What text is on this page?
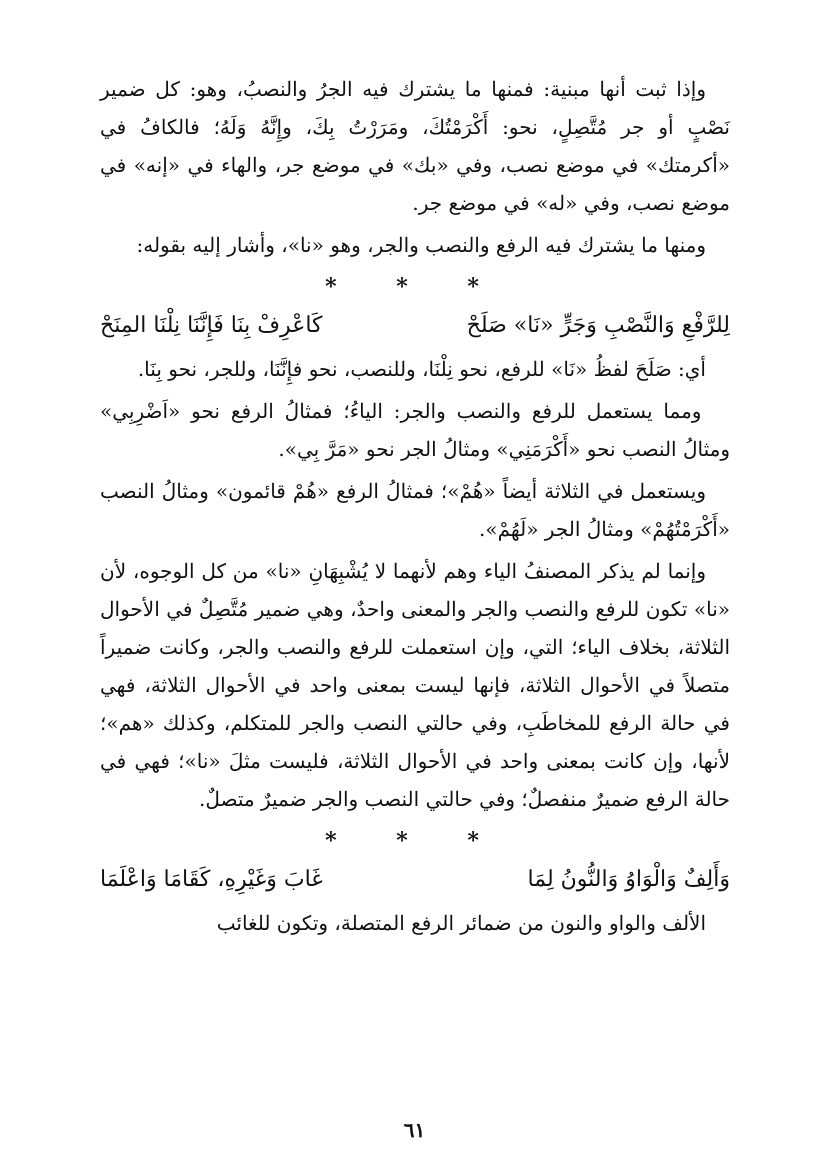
وإذا ثبت أنها مبنية: فمنها ما يشترك فيه الجرُ والنصبُ، وهو: كل ضمير نَصْبٍ أو جر مُتَّصِلٍ، نحو: أَكْرَمْتُكَ، ومَرَرْتُ بِكَ، وإِنَّهُ وَلَهُ؛ فالكافُ في «أكرمتك» في موضع نصب، وفي «بك» في موضع جر، والهاء في «إنه» في موضع نصب، وفي «له» في موضع جر.

ومنها ما يشترك فيه الرفع والنصب والجر، وهو «نا»، وأشار إليه بقوله:

* * *
لِلرَّفْعِ وَالنَّصْبِ وَجَرٍّ «نَا» صَلَحْ
كَاعْرِفْ بِنَا فَإِنَّنَا نِلْنَا المِنَحْ

أي: صَلَحَ لفظُ «نَا» للرفع، نحو نِلْنَا، وللنصب، نحو فإِنَّنَا، وللجر، نحو بِنَا.

ومما يستعمل للرفع والنصب والجر: الياءُ؛ فمثالُ الرفع نحو «اَضْرِبِي» ومثالُ النصب نحو «أَكْرَمَنِي» ومثالُ الجر نحو «مَرَّ بِي».

ويستعمل في الثلاثة أيضاً «هُمْ»؛ فمثالُ الرفع «هُمْ قائمون» ومثالُ النصب «أَكْرَمْتُهُمْ» ومثالُ الجر «لَهُمْ».

وإنما لم يذكر المصنفُ الياء وهم لأنهما لا يُشْبِهَانِ «نا» من كل الوجوه، لأن «نا» تكون للرفع والنصب والجر والمعنى واحدٌ، وهي ضمير مُتَّصِلٌ في الأحوال الثلاثة، بخلاف الياء؛ التي، وإن استعملت للرفع والنصب والجر، وكانت ضميراً متصلاً في الأحوال الثلاثة، فإنها ليست بمعنى واحد في الأحوال الثلاثة، فهي في حالة الرفع للمخاطَبِ، وفي حالتي النصب والجر للمتكلم، وكذلك «هم»؛ لأنها، وإن كانت بمعنى واحد في الأحوال الثلاثة، فليست مثلَ «نا»؛ فهي في حالة الرفع ضميرٌ منفصلٌ؛ وفي حالتي النصب والجر ضميرٌ متصلٌ.

* * *
وَأَلِفٌ وَالْوَاوُ وَالنُّونُ لِمَا
غَابَ وَغَيْرِهِ، كَقَامَا وَاعْلَمَا

الألف والواو والنون من ضمائر الرفع المتصلة، وتكون للغائب

٦١
